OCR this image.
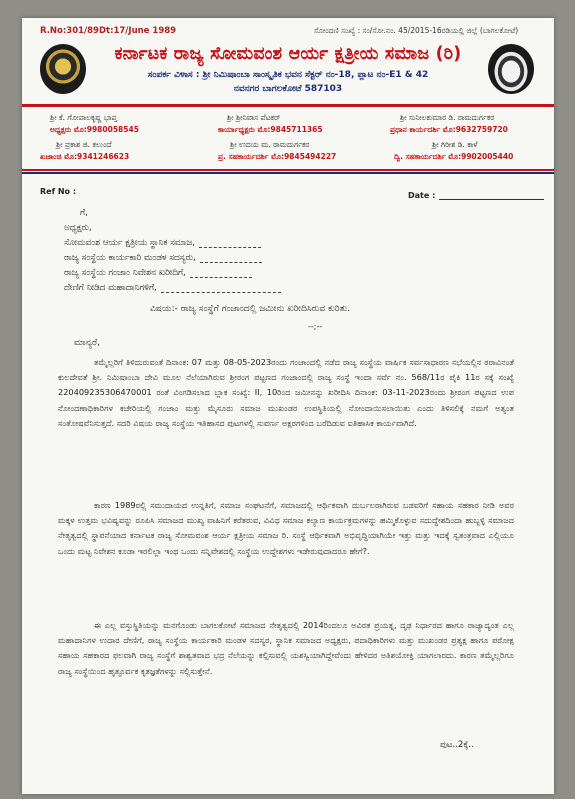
R.No:301/89Dt:17/June 1989	ಸೋಂದಣಿ ಸಂಖ್ಯೆ : ಸಂ/ಸೋ.ನಂ. 45/2015-16ರಡಿಯಲ್ಲಿ ಜಿಲ್ಲೆ (ಬಾಗಲಕೋಟೆ)
ಕರ್ನಾಟಕ ರಾಜ್ಯ ಸೋಮವಂಶ ಆರ್ಯ ಕ್ಷತ್ರೀಯ ಸಮಾಜ (ರಿ)
ಸಂಪರ್ಕ ವಿಳಾಸ : ಶ್ರೀ ನಿಮಿಷಾಂಬಾ ಸಾಂಸ್ಕೃತಿಕ ಭವನ ಸೆಕ್ಟರ್ ನಂ-18, ಪ್ಲಾಟ ನಂ-E1 & 42
ನವನಗರ ಬಾಗಲಕೋಟೆ 587103
ಶ್ರೀ ಕೆ. ಗೋಪಾಲಕೃಷ್ಣ ಭಾಪ್ತ
ಅಧ್ಯಕ್ಷರು ಮೊ:9980058545
ಶ್ರೀ ಶ್ರೀನಿವಾಸ ಪೆಟಕರ್
ಕಾರ್ಯಾಧ್ಯಕ್ಷರು ಮೊ:9845711365
ಶ್ರೀ ಸುನೀಲಕುಮಾರ ಡಿ. ರಾಮದುರ್ಗಕರ
ಪ್ರಧಾನ ಕಾರ್ಯದರ್ಶಿ ಮೊ:9632759720
ಶ್ರೀ ಪ್ರಕಾಶ ಜಿ. ಕಲುಂದೆ
ಖಜಾಂಚಿ ಮೊ:9341246623
ಶ್ರೀ ಉದಯ ಮ. ರಾಮದುರ್ಗಕರ
ಪ್ರ. ಸಹಕಾರ್ಯದರ್ಶಿ ಮೊ:9845494227
ಶ್ರೀ ಗಿರೀಶ ಡಿ. ಕಾಳೆ
ದ್ವಿ. ಸಹಕಾರ್ಯದರ್ಶಿ ಮೊ:9902005440
Ref No :	Date :
ಗೆ,
ಅಧ್ಯಕ್ಷರು,
ಸೋಮವಂಶ ಆರ್ಯ ಕ್ಷತ್ರೀಯ ಸ್ಥಾನಿಕ ಸಮಾಜ,
ರಾಜ್ಯ ಸಂಸ್ಥೆಯ ಕಾರ್ಯಕಾರಿ ಮಂಡಳ ಸದಸ್ಯರು,
ರಾಜ್ಯ ಸಂಸ್ಥೆಯ ಗಂಜಾಂ ನಿವೇಶನ ಖರೀದಿಗೆ,
ದೇಣಿಗೆ ನೀಡಿದ ಮಹಾದಾನಿಗಳಿಗೆ,
ವಿಷಯ:- ರಾಜ್ಯ ಸಂಸ್ಥೆಗೆ ಗಂಜಾಂದಲ್ಲಿ ಜಮೀನು ಖರೀದಿಸಿರುವ ಕುರಿತು.
--;--
ಮಾನ್ಯರೆ,
ತಮ್ಮೆಲ್ಲರಿಗೆ ತಿಳಿದುರುವಂತೆ ದಿನಾಂಕ: 07 ಮತ್ತು 08-05-2023ರಂದು ಗಂಜಾಂದಲ್ಲಿ ನಡೆದ ರಾಜ್ಯ ಸಂಸ್ಥೆಯ ವಾರ್ಷಿಕ ಸರ್ವಸಾಧಾರಣ ಸಭೆಯಲ್ಲಿನ ಠರಾವಿನಂತೆ ಕುಲದೇವತೆ ಶ್ರೀ. ನಿಮಿಷಾಂಬಾ ದೇವಿ ಮೂಲ ನೆಲೆಯಾಗಿರುವ ಶ್ರೀರಂಗ ಪಟ್ಟಣದ ಗಂಜಾಂದಲ್ಲಿ ರಾಜ್ಯ ಸಂಸ್ಥೆ ಇಂದಾ ಸರ್ವೆ ನಂ. 568/11ರ ಪೈಕಿ 11ರ ಸಕ್ಕೆ ಸಂಖ್ಯೆ 220409235306470001 ರಂತೆ ವಿಂಗಡಿಸಲಾದ ಬ್ಲಾಕ ಸಂಖ್ಯೆ: II, 10ರಿಂದ ಜಮೀನನ್ನು ಖರೀದಿಸಿ ದಿನಾಂಕ: 03-11-2023ರಂದು ಶ್ರೀರಂಗ ಪಟ್ಟಣದ ಉಪ ನೋಂದಣಾಧಿಕಾರಿಗಳ ಕಚೇರಿಯಲ್ಲಿ ಗಂಜಾಂ ಮತ್ತು ಮೈಸೂರು ಸಮಾಜ ಮುಖಂಡರ ಉಪಸ್ಥಿತಿಯಲ್ಲಿ ನೋಂದಾಯಿಸಲಾಯಿತು ಎಂದು ತಿಳಿಸಲಿಕ್ಕೆ ನಮಗೆ ಅತ್ಯಂತ ಸಂತೋಷವೆನಿಸುತ್ತದೆ. ಸದರಿ ವಿಷಯ ರಾಜ್ಯ ಸಂಸ್ಥೆಯ ಇತಿಹಾಸದ ಪುಟಗಳಲ್ಲಿ ಸುವರ್ಣ ಅಕ್ಷರಗಳಿಂದ ಬರೆದಿಡುವ ಐತಿಹಾಸಿಕ ಕಾರ್ಯವಾಗಿದೆ.
ಕಾರಣ 1989ರಲ್ಲಿ ಸಮುದಾಯದ ಉನ್ನತಿಗೆ, ಸಮಾಜ ಸಂಘಟನೆಗೆ, ಸಮಾಜದಲ್ಲಿ ಆರ್ಥಿಕವಾಗಿ ದುರ್ಬಲರಾಗಿರುವ ಬಡವರಿಗೆ ಸಹಾಯ ಸಹಕಾರ ನೀಡಿ ಅವರ ಮಕ್ಕಳ ಉತ್ತಮ ಭವಿಷ್ಯವನ್ನು ರೂಪಿಸಿ ಸಮಾಜದ ಮುಖ್ಯ ವಾಹಿನಿಗೆ ಕರೆತರುವ, ವಿವಿಧ ಸಮಾಜ ಕಲ್ಯಾಣ ಕಾರ್ಯಕ್ರಮಗಳನ್ನು ಹಮ್ಮಿಕೊಳ್ಳುವ ಸದುದ್ದೇಶದಿಂದಾ ಹುಬ್ಬಳ್ಳಿ ಸಮಾಜದ ನೇತೃತ್ವದಲ್ಲಿ ಸ್ಥಾಪನೆಯಾದ ಕರ್ನಾಟಕ ರಾಜ್ಯ ಸೋಮವಂಶ ಆರ್ಯ ಕ್ಷತ್ರೀಯ ಸಮಾಜ ರಿ. ಸಂಸ್ಥೆ ಆರ್ಥಿಕವಾಗಿ ಅಭಿವೃದ್ಧಿಯಾಗಿಯೇ ಇತ್ತು ಮತ್ತು ಇದಕ್ಕೆ ಸ್ವತಂತ್ರವಾದ ಎಲ್ಲಿಯೂ ಒಂದು ಮಟ್ಟ ನಿವೇಶನ ಕೂಡಾ ಇರಲಿಲ್ಲಾ ಇಂಥ ಒಂದು ಸನ್ನಿವೇಶದಲ್ಲಿ ಸಂಸ್ಥೆಯ ಉದ್ದೇಶಗಳು ಇಡೇರುವುದಾದರೂ ಹೇಗೆ?.
ಈ ಎಲ್ಲ ವಸ್ತುಸ್ಥಿತಿಯನ್ನು ಮನಗೊಂಡು ಬಾಗಲಕೋಟೆ ಸಮಾಜದ ನೇತೃತ್ವದಲ್ಲಿ 2014ರಿಂದಲೂ ಅವಿರತ ಪ್ರಯತ್ನ, ದೃಢ ನಿರ್ಧಾರದ ಹಾಗೂ ರಾಜ್ಯಾದ್ಯಂತ ಎಲ್ಲ ಮಹಾದಾನಿಗಳ ಉದಾರ ದೇಣಿಗೆ, ರಾಜ್ಯ ಸಂಸ್ಥೆಯ ಕಾರ್ಯಕಾರಿ ಮಂಡಳ ಸದಸ್ಯರ, ಸ್ಥಾನಿಕ ಸಮಾಜದ ಅಧ್ಯಕ್ಷರು, ಪದಾಧಿಕಾರಿಗಳು ಮತ್ತು ಮುಖಂಡರ ಪ್ರತ್ಯಕ್ಷ ಹಾಗೂ ಪರೋಕ್ಷ ಸಹಾಯ ಸಹಕಾರದ ಫಲವಾಗಿ ರಾಜ್ಯ ಸಂಸ್ಥೆಗೆ ಶಾಶ್ವತವಾದ ಭದ್ರ ನೆಲೆಯನ್ನು ಕಲ್ಪಿಸುವಲ್ಲಿ ಯಶಸ್ವಿಯಾಗಿದ್ದೇವೆಂದು ಹೇಳಿದರ ಅತಿಶಯೋಕ್ತಿ ಯಾಗಲಾರದು. ಕಾರಣ ತಮ್ಮೆಲ್ಲರಿಗೂ ರಾಜ್ಯ ಸಂಸ್ಥೆಯಿಂದ ಹೃತ್ಪೂರ್ವಕ ಕೃತಜ್ಞತೆಗಳನ್ನು ಸಲ್ಲಿಸುತ್ತೇನೆ.
ಪುಟ..2ಕ್ಕೆ..
